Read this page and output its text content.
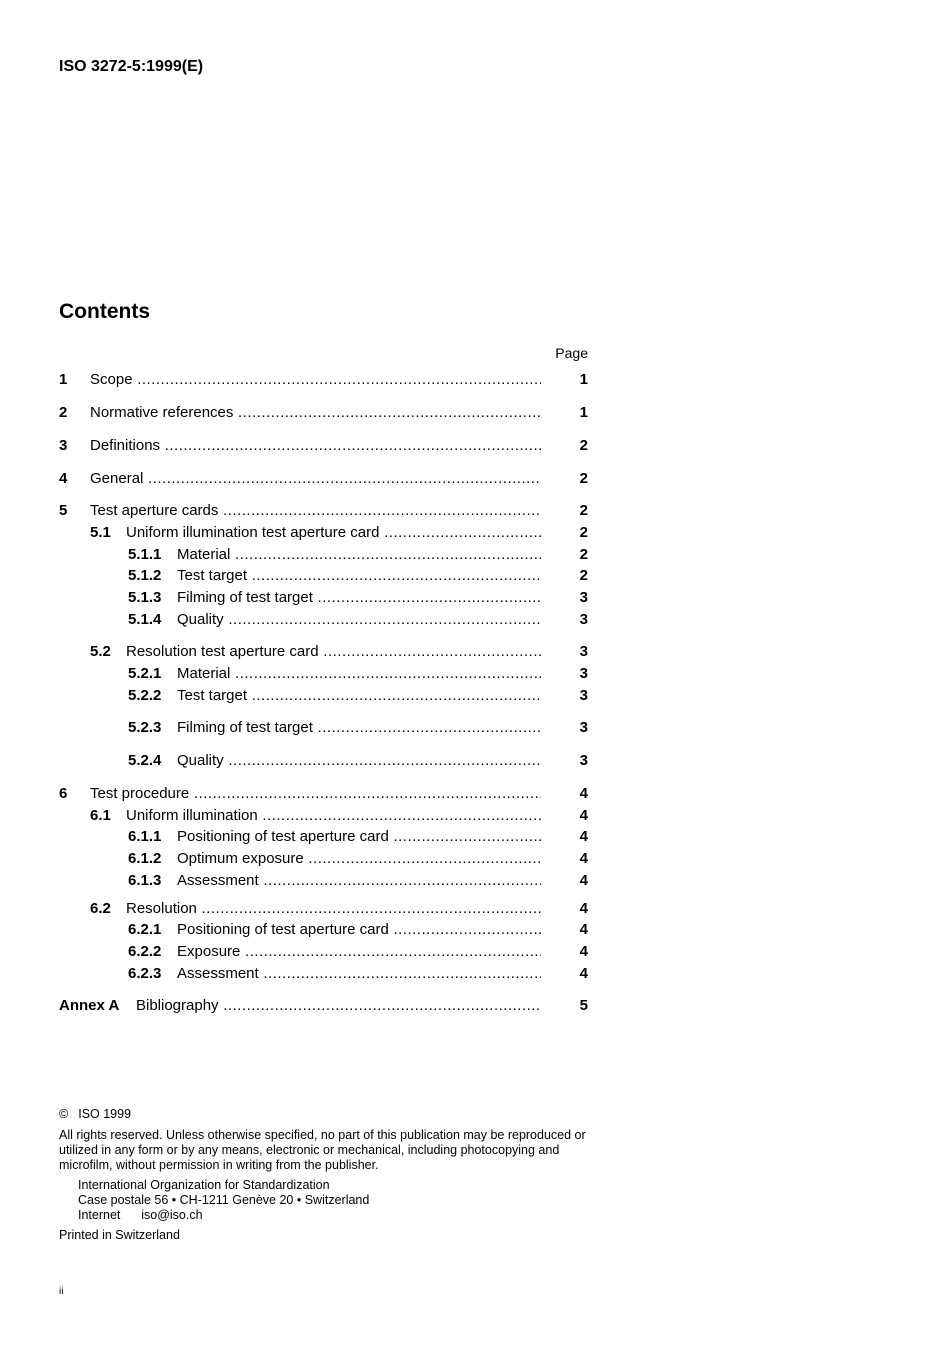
ISO 3272-5:1999(E)
Contents
Page
1 Scope .....	1
2 Normative references .....	1
3 Definitions .....	2
4 General .....	2
5 Test aperture cards .....	2
5.1 Uniform illumination test aperture card .....	2
5.1.1 Material .....	2
5.1.2 Test target .....	2
5.1.3 Filming of test target .....	3
5.1.4 Quality .....	3
5.2 Resolution test aperture card .....	3
5.2.1 Material .....	3
5.2.2 Test target .....	3
5.2.3 Filming of test target .....	3
5.2.4 Quality .....	3
6 Test procedure .....	4
6.1 Uniform illumination .....	4
6.1.1 Positioning of test aperture card .....	4
6.1.2 Optimum exposure .....	4
6.1.3 Assessment .....	4
6.2 Resolution .....	4
6.2.1 Positioning of test aperture card .....	4
6.2.2 Exposure .....	4
6.2.3 Assessment .....	4
Annex A Bibliography .....	5
© ISO 1999
All rights reserved. Unless otherwise specified, no part of this publication may be reproduced or utilized in any form or by any means, electronic or mechanical, including photocopying and microfilm, without permission in writing from the publisher.
International Organization for Standardization
Case postale 56 • CH-1211 Genève 20 • Switzerland
Internet      iso@iso.ch
Printed in Switzerland
ii
